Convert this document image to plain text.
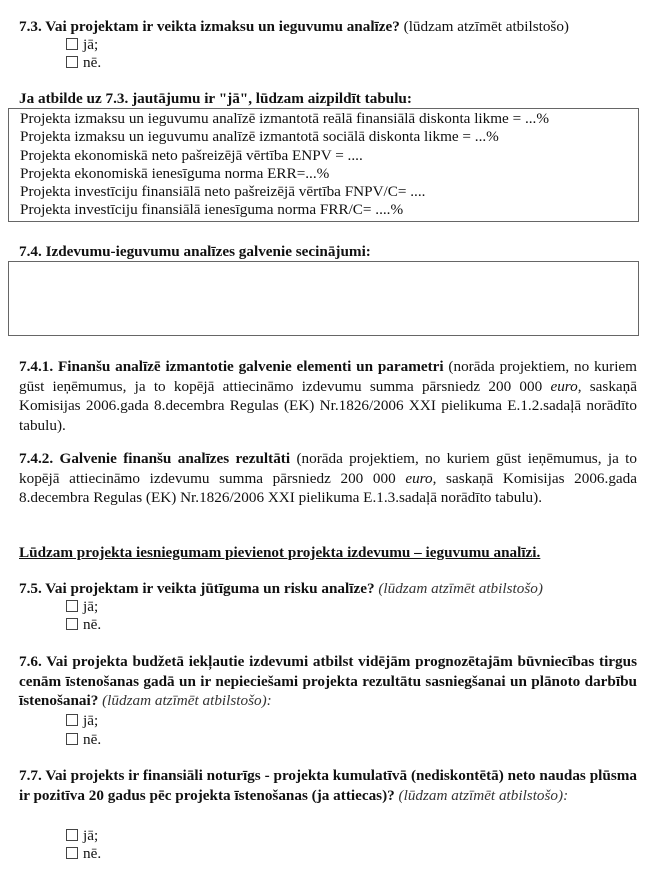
7.3. Vai projektam ir veikta izmaksu un ieguvumu analīze? (lūdzam atzīmēt atbilstošo)
jā;
nē.
Ja atbilde uz 7.3. jautājumu ir "jā", lūdzam aizpildīt tabulu:
Projekta izmaksu un ieguvumu analīzē izmantotā reālā finansiālā diskonta likme = ...%
Projekta izmaksu un ieguvumu analīzē izmantotā sociālā diskonta likme = ...%
Projekta ekonomiskā neto pašreizējā vērtība ENPV = ....
Projekta ekonomiskā ienesīguma norma ERR=...%
Projekta investīciju finansiālā neto pašreizējā vērtība FNPV/C= ....
Projekta investīciju finansiālā ienesīguma norma FRR/C= ....%
7.4. Izdevumu-ieguvumu analīzes galvenie secinājumi:
7.4.1. Finanšu analīzē izmantotie galvenie elementi un parametri (norāda projektiem, no kuriem gūst ieņēmumus, ja to kopējā attiecināmo izdevumu summa pārsniedz 200 000 euro, saskaņā Komisijas 2006.gada 8.decembra Regulas (EK) Nr.1826/2006 XXI pielikuma E.1.2.sadaļā norādīto tabulu).
7.4.2. Galvenie finanšu analīzes rezultāti (norāda projektiem, no kuriem gūst ieņēmumus, ja to kopējā attiecināmo izdevumu summa pārsniedz 200 000 euro, saskaņā Komisijas 2006.gada 8.decembra Regulas (EK) Nr.1826/2006 XXI pielikuma E.1.3.sadaļā norādīto tabulu).
Lūdzam projekta iesniegumam pievienot projekta izdevumu – ieguvumu analīzi.
7.5. Vai projektam ir veikta jūtīguma un risku analīze? (lūdzam atzīmēt atbilstošo)
jā;
nē.
7.6. Vai projekta budžetā iekļautie izdevumi atbilst vidējām prognozētajām būvniecības tirgus cenām īstenošanas gadā un ir nepieciešami projekta rezultātu sasniegšanai un plānoto darbību īstenošanai? (lūdzam atzīmēt atbilstošo):
jā;
nē.
7.7. Vai projekts ir finansiāli noturīgs - projekta kumulatīvā (nediskontētā) neto naudas plūsma ir pozitīva 20 gadus pēc projekta īstenošanas (ja attiecas)? (lūdzam atzīmēt atbilstošo):
jā;
nē.
